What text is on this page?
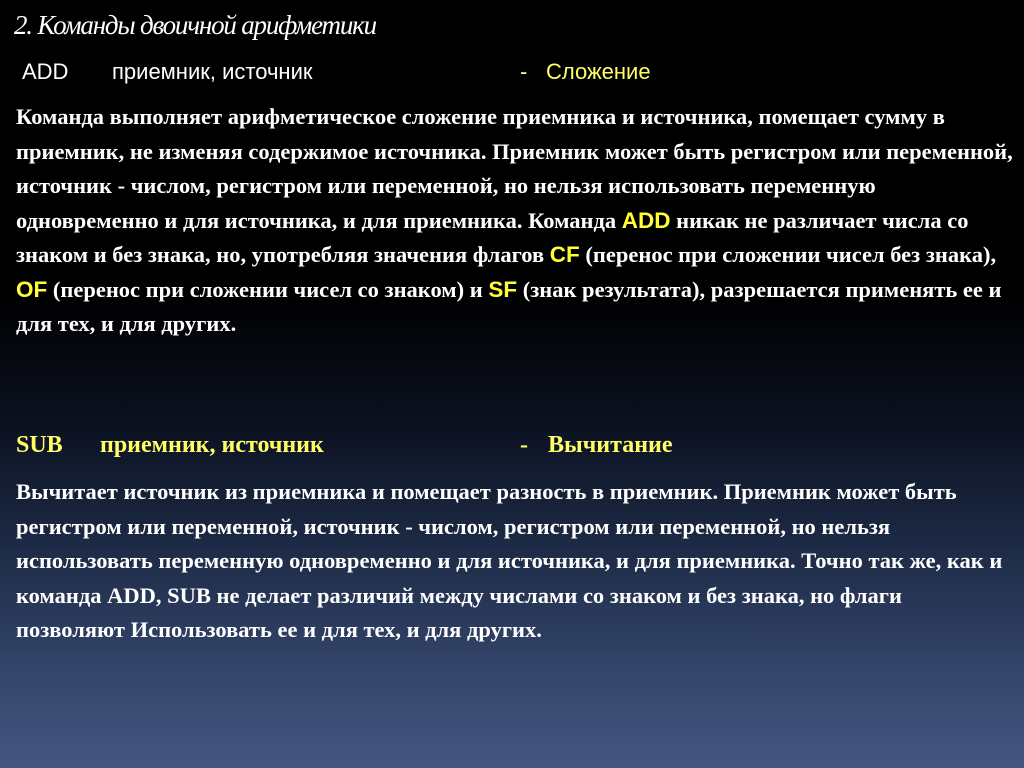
2. Команды двоичной арифметики
ADD приемник, источник	- Сложение

Команда выполняет арифметическое сложение приемника и источника, помещает сумму в приемник, не изменяя содержимое источника. Приемник может быть регистром или переменной, источник - числом, регистром или переменной, но нельзя использовать переменную одновременно и для источника, и для приемника. Команда ADD никак не различает числа со знаком и без знака, но, употребляя значения флагов CF (перенос при сложении чисел без знака), OF (перенос при сложении чисел со знаком) и SF (знак результата), разрешается применять ее и для тех, и для других.

SUB приемник, источник	- Вычитание

Вычитает источник из приемника и помещает разность в приемник. Приемник может быть регистром или переменной, источник - числом, регистром или переменной, но нельзя использовать переменную одновременно и для источника, и для приемника. Точно так же, как и команда ADD, SUB не делает различий между числами со знаком и без знака, но флаги позволяют Использовать ее и для тех, и для других.
